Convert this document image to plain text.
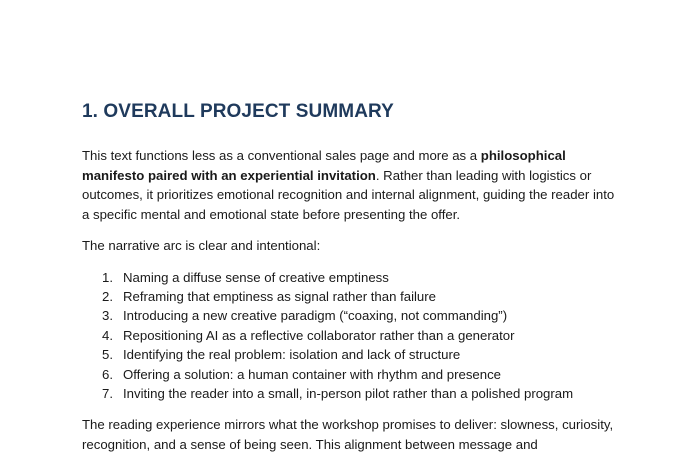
1. OVERALL PROJECT SUMMARY

This text functions less as a conventional sales page and more as a philosophical manifesto paired with an experiential invitation. Rather than leading with logistics or outcomes, it prioritizes emotional recognition and internal alignment, guiding the reader into a specific mental and emotional state before presenting the offer.

The narrative arc is clear and intentional:

1. Naming a diffuse sense of creative emptiness
2. Reframing that emptiness as signal rather than failure
3. Introducing a new creative paradigm (“coaxing, not commanding”)
4. Repositioning AI as a reflective collaborator rather than a generator
5. Identifying the real problem: isolation and lack of structure
6. Offering a solution: a human container with rhythm and presence
7. Inviting the reader into a small, in-person pilot rather than a polished program

The reading experience mirrors what the workshop promises to deliver: slowness, curiosity, recognition, and a sense of being seen. This alignment between message and
